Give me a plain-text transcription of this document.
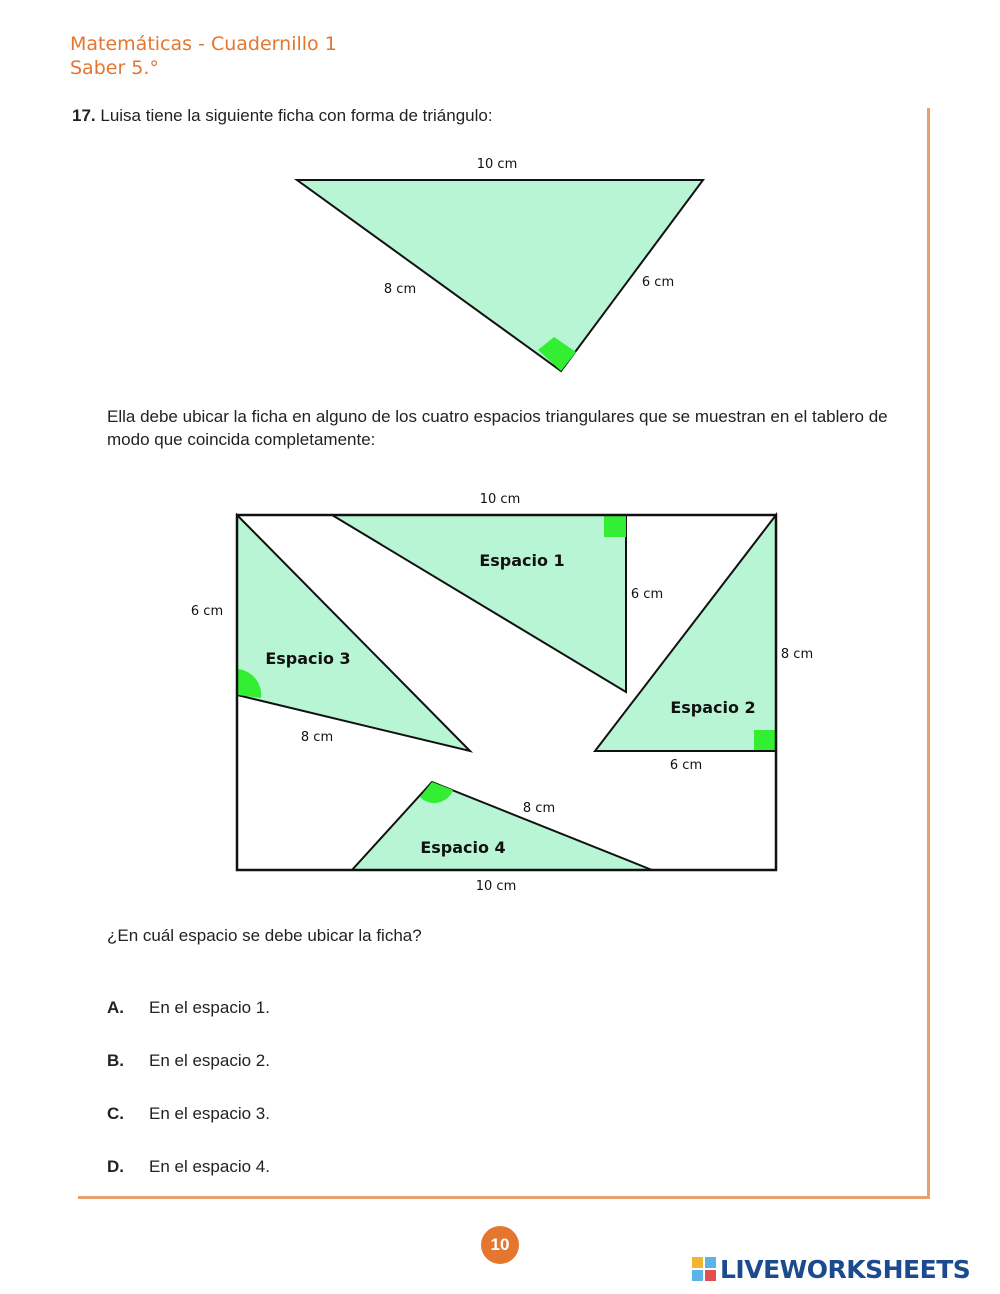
Matemáticas - Cuadernillo 1
Saber 5.°
17. Luisa tiene la siguiente ficha con forma de triángulo:
10 cm
8 cm	6 cm
Ella debe ubicar la ficha en alguno de los cuatro espacios triangulares que se muestran en el tablero de
modo que coincida completamente:
10 cm
6 cm
8 cm
10 cm
Espacio 1
6 cm
Espacio 2
6 cm
Espacio 3
8 cm
Espacio 4
8 cm
¿En cuál espacio se debe ubicar la ficha?
A. En el espacio 1.
B. En el espacio 2.
C. En el espacio 3.
D. En el espacio 4.
10
LIVEWORKSHEETS
